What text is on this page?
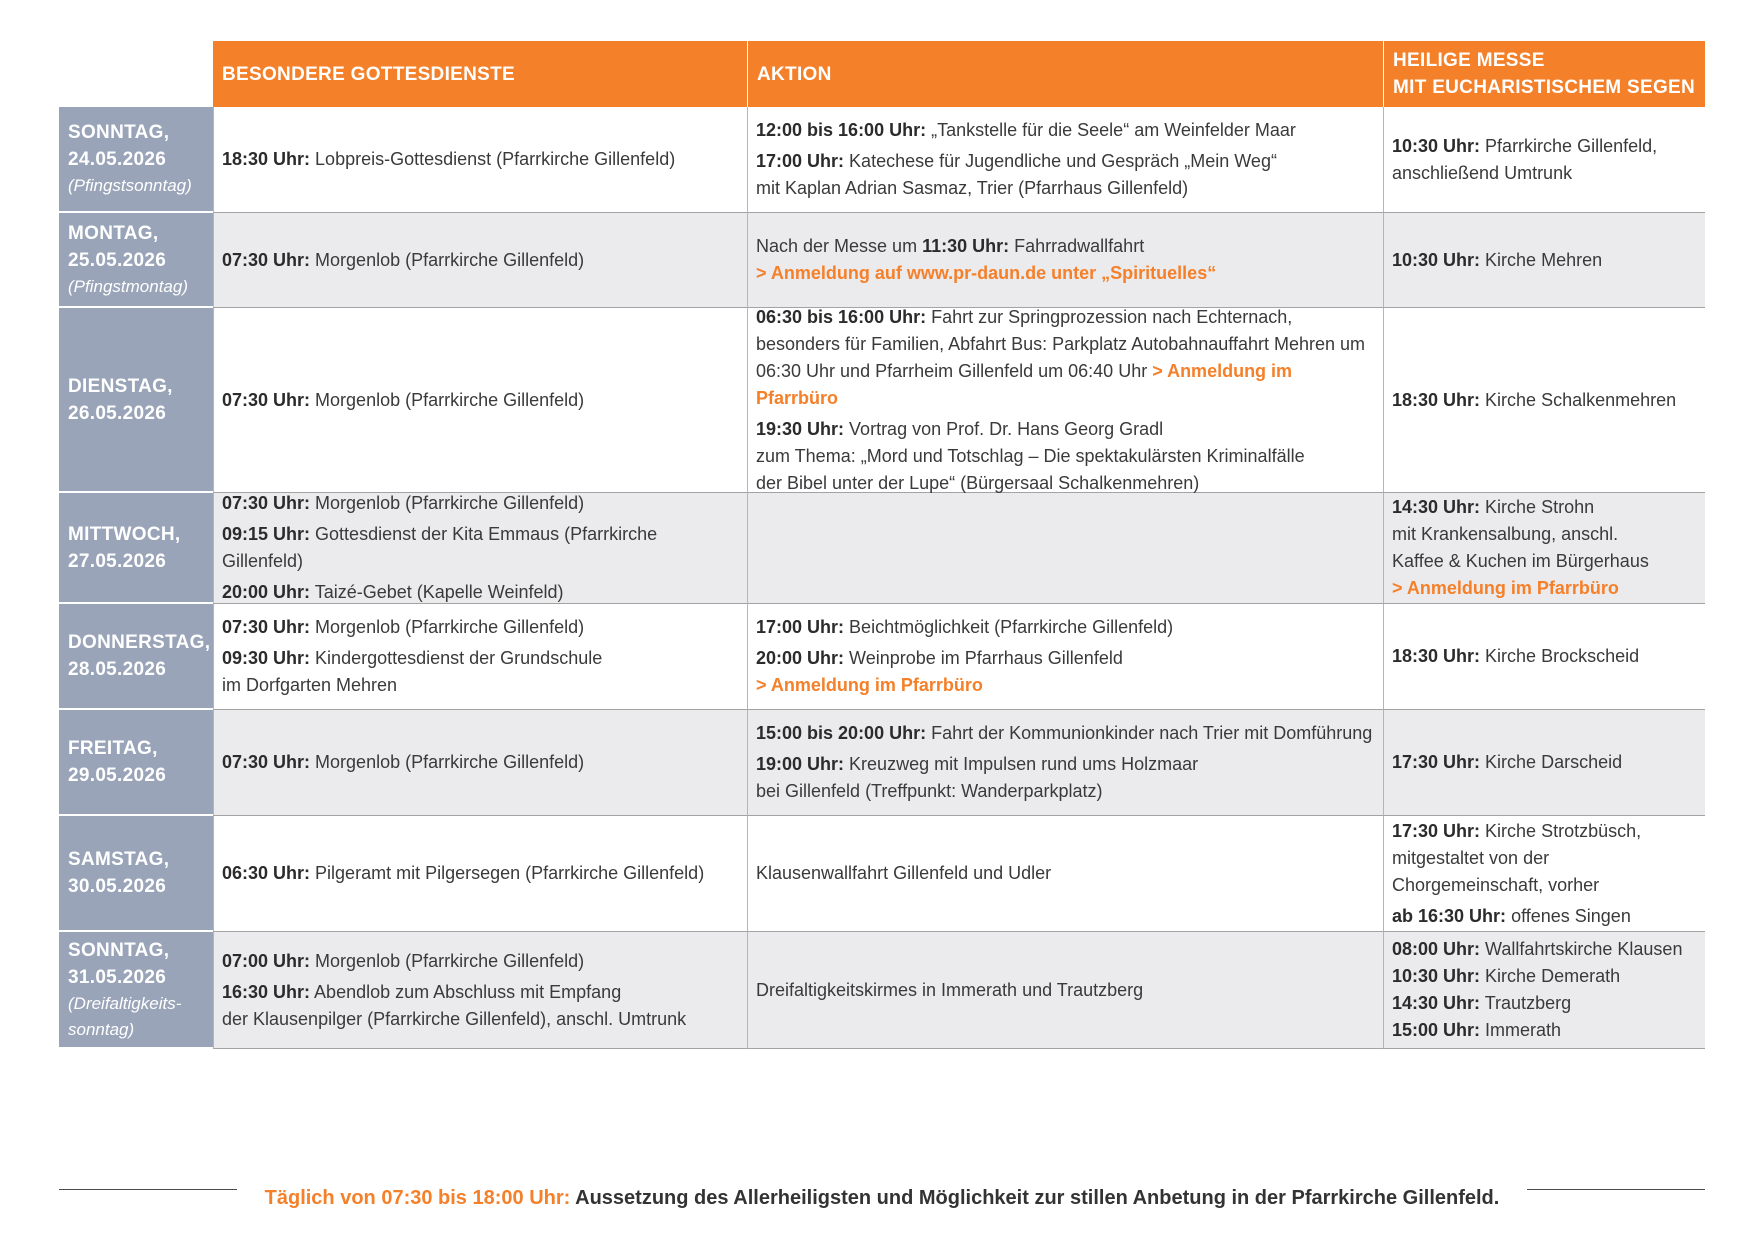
BESONDERE GOTTESDIENSTE	AKTION
HEILIGE MESSE
MIT EUCHARISTISCHEM SEGEN
SONNTAG,
24.05.2026
(Pfingstsonntag)
18:30 Uhr: Lobpreis-Gottesdienst (Pfarrkirche Gillenfeld)
12:00 bis 16:00 Uhr: „Tankstelle für die Seele“ am Weinfelder Maar
17:00 Uhr: Katechese für Jugendliche und Gespräch „Mein Weg“
mit Kaplan Adrian Sasmaz, Trier (Pfarrhaus Gillenfeld)
10:30 Uhr: Pfarrkirche Gillenfeld,
anschließend Umtrunk
MONTAG,
25.05.2026
(Pfingstmontag)
07:30 Uhr: Morgenlob (Pfarrkirche Gillenfeld)
Nach der Messe um 11:30 Uhr: Fahrradwallfahrt
> Anmeldung auf www.pr-daun.de unter „Spirituelles“
10:30 Uhr: Kirche Mehren
DIENSTAG,
26.05.2026
07:30 Uhr: Morgenlob (Pfarrkirche Gillenfeld)
06:30 bis 16:00 Uhr: Fahrt zur Springprozession nach Echternach,
besonders für Familien, Abfahrt Bus: Parkplatz Autobahnauffahrt Mehren um
06:30 Uhr und Pfarrheim Gillenfeld um 06:40 Uhr > Anmeldung im Pfarrbüro
19:30 Uhr: Vortrag von Prof. Dr. Hans Georg Gradl
zum Thema: „Mord und Totschlag – Die spektakulärsten Kriminalfälle
der Bibel unter der Lupe“ (Bürgersaal Schalkenmehren)
18:30 Uhr: Kirche Schalkenmehren
MITTWOCH,
27.05.2026
07:30 Uhr: Morgenlob (Pfarrkirche Gillenfeld)
09:15 Uhr: Gottesdienst der Kita Emmaus (Pfarrkirche Gillenfeld)
20:00 Uhr: Taizé-Gebet (Kapelle Weinfeld)
14:30 Uhr: Kirche Strohn
mit Krankensalbung, anschl.
Kaffee & Kuchen im Bürgerhaus
> Anmeldung im Pfarrbüro
DONNERSTAG,
28.05.2026
07:30 Uhr: Morgenlob (Pfarrkirche Gillenfeld)
09:30 Uhr: Kindergottesdienst der Grundschule
im Dorfgarten Mehren
17:00 Uhr: Beichtmöglichkeit (Pfarrkirche Gillenfeld)
20:00 Uhr: Weinprobe im Pfarrhaus Gillenfeld
> Anmeldung im Pfarrbüro
18:30 Uhr: Kirche Brockscheid
FREITAG,
29.05.2026
07:30 Uhr: Morgenlob (Pfarrkirche Gillenfeld)
15:00 bis 20:00 Uhr: Fahrt der Kommunionkinder nach Trier mit Domführung
19:00 Uhr: Kreuzweg mit Impulsen rund ums Holzmaar
bei Gillenfeld (Treffpunkt: Wanderparkplatz)
17:30 Uhr: Kirche Darscheid
SAMSTAG,
30.05.2026
06:30 Uhr: Pilgeramt mit Pilgersegen (Pfarrkirche Gillenfeld)	Klausenwallfahrt Gillenfeld und Udler
17:30 Uhr: Kirche Strotzbüsch,
mitgestaltet von der
Chorgemeinschaft, vorher
ab 16:30 Uhr: offenes Singen
SONNTAG,
31.05.2026
(Dreifaltigkeits-
sonntag)
07:00 Uhr: Morgenlob (Pfarrkirche Gillenfeld)
16:30 Uhr: Abendlob zum Abschluss mit Empfang
der Klausenpilger (Pfarrkirche Gillenfeld), anschl. Umtrunk
Dreifaltigkeitskirmes in Immerath und Trautzberg
08:00 Uhr: Wallfahrtskirche Klausen
10:30 Uhr: Kirche Demerath
14:30 Uhr: Trautzberg
15:00 Uhr: Immerath
Täglich von 07:30 bis 18:00 Uhr: Aussetzung des Allerheiligsten und Möglichkeit zur stillen Anbetung in der Pfarrkirche Gillenfeld.
